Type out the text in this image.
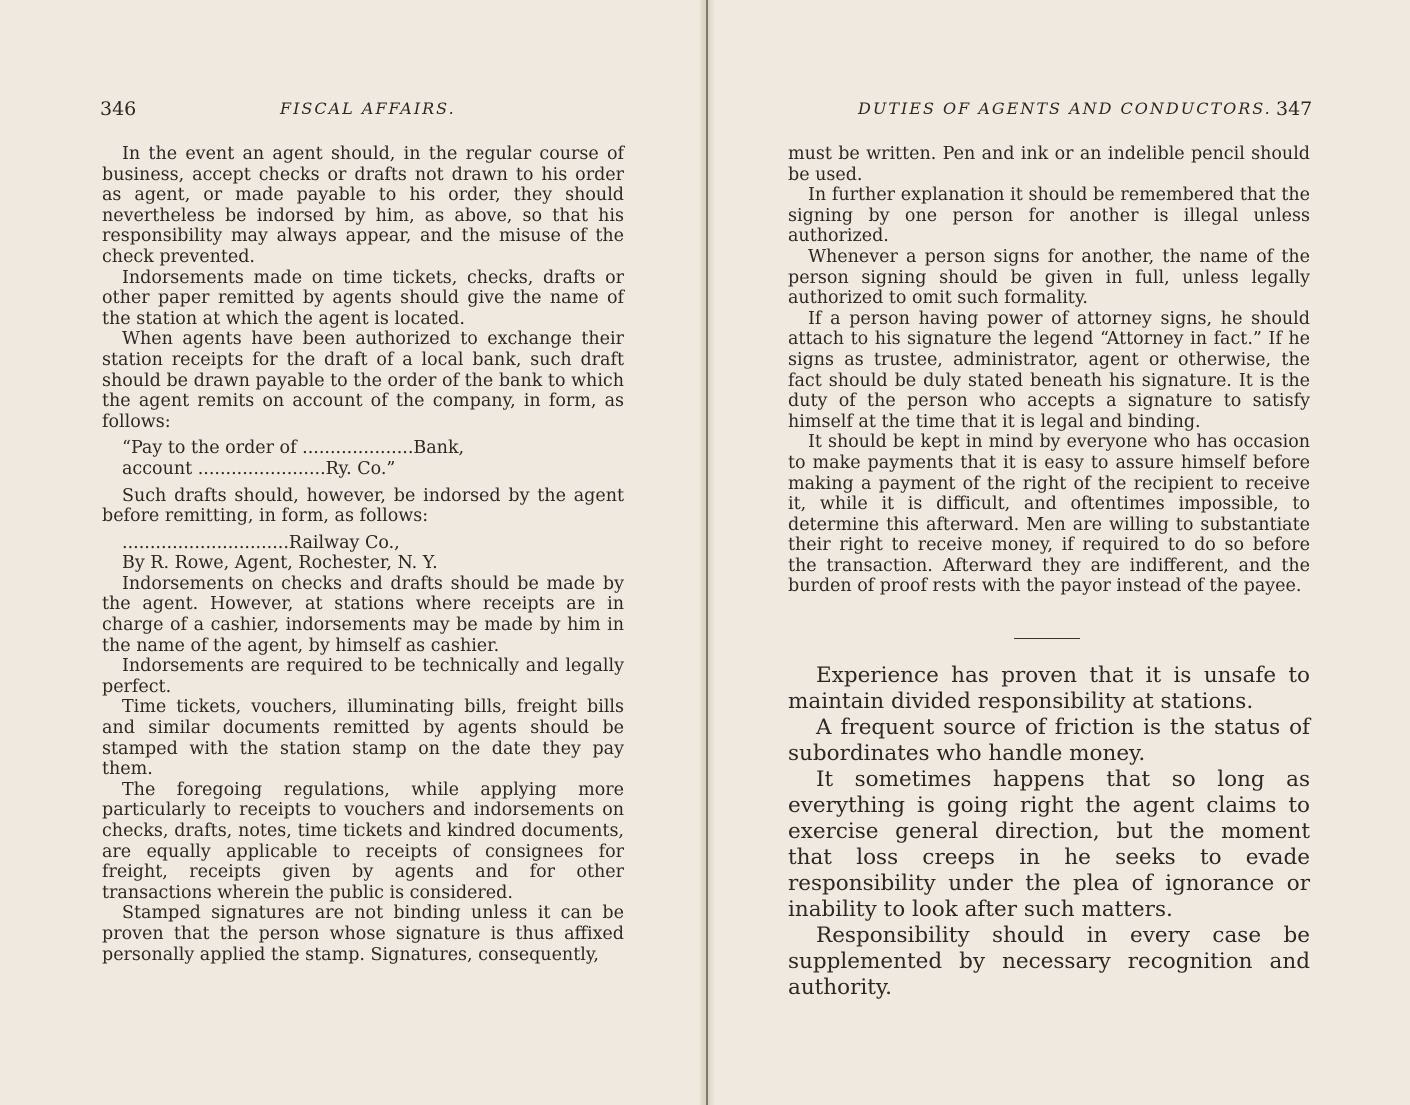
346	FISCAL AFFAIRS.

In the event an agent should, in the regular course of business, accept checks or drafts not drawn to his order as agent, or made payable to his order, they should nevertheless be indorsed by him, as above, so that his responsibility may always appear, and the misuse of the check prevented.

Indorsements made on time tickets, checks, drafts or other paper remitted by agents should give the name of the station at which the agent is located.

When agents have been authorized to exchange their station receipts for the draft of a local bank, such draft should be drawn payable to the order of the bank to which the agent remits on account of the company, in form, as follows:

“Pay to the order of ....................Bank,

account .......................Ry. Co.”

Such drafts should, however, be indorsed by the agent before remitting, in form, as follows:

..............................Railway Co.,

By R. Rowe, Agent, Rochester, N. Y.

Indorsements on checks and drafts should be made by the agent. However, at stations where receipts are in charge of a cashier, indorsements may be made by him in the name of the agent, by himself as cashier.

Indorsements are required to be technically and legally perfect.

Time tickets, vouchers, illuminating bills, freight bills and similar documents remitted by agents should be stamped with the station stamp on the date they pay them.

The foregoing regulations, while applying more particularly to receipts to vouchers and indorsements on checks, drafts, notes, time tickets and kindred documents, are equally applicable to receipts of consignees for freight, receipts given by agents and for other transactions wherein the public is considered.

Stamped signatures are not binding unless it can be proven that the person whose signature is thus affixed personally applied the stamp. Signatures, consequently,

DUTIES OF AGENTS AND CONDUCTORS. 347

must be written. Pen and ink or an indelible pencil should be used.

In further explanation it should be remembered that the signing by one person for another is illegal unless authorized.

Whenever a person signs for another, the name of the person signing should be given in full, unless legally authorized to omit such formality.

If a person having power of attorney signs, he should attach to his signature the legend “Attorney in fact.” If he signs as trustee, administrator, agent or otherwise, the fact should be duly stated beneath his signature. It is the duty of the person who accepts a signature to satisfy himself at the time that it is legal and binding.

It should be kept in mind by everyone who has occasion to make payments that it is easy to assure himself before making a payment of the right of the recipient to receive it, while it is difficult, and oftentimes impossible, to determine this afterward. Men are willing to substantiate their right to receive money, if required to do so before the transaction. Afterward they are indifferent, and the burden of proof rests with the payor instead of the payee.

Experience has proven that it is unsafe to maintain divided responsibility at stations.

A frequent source of friction is the status of subordinates who handle money.

It sometimes happens that so long as everything is going right the agent claims to exercise general direction, but the moment that loss creeps in he seeks to evade responsibility under the plea of ignorance or inability to look after such matters.

Responsibility should in every case be supplemented by necessary recognition and authority.
